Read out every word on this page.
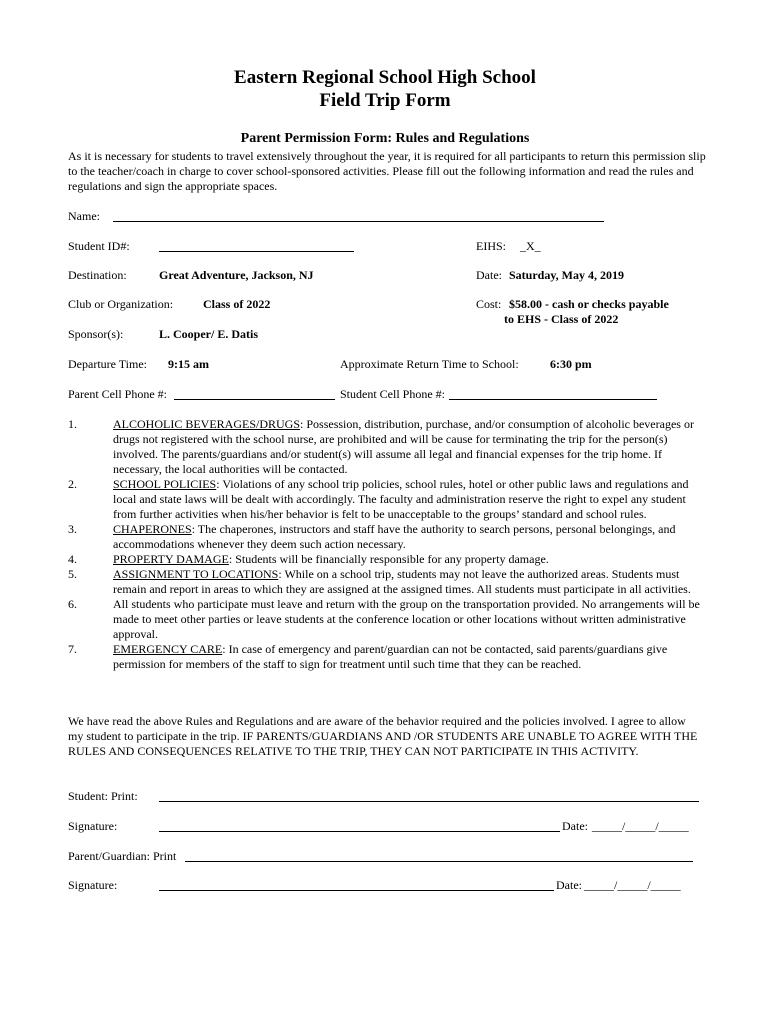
Eastern Regional School High School
Field Trip Form
Parent Permission Form: Rules and Regulations
As it is necessary for students to travel extensively throughout the year, it is required for all participants to return this permission slip to the teacher/coach in charge to cover school-sponsored activities. Please fill out the following information and read the rules and regulations and sign the appropriate spaces.
Name:
Student ID#:	EIHS: _X_
Destination:	Great Adventure, Jackson, NJ	Date: Saturday, May 4, 2019
Club or Organization: Class of 2022	Cost: $58.00 - cash or checks payable
to EHS - Class of 2022
Sponsor(s):	L. Cooper/ E. Datis
Departure Time: 9:15 am	Approximate Return Time to School:	6:30 pm
Parent Cell Phone #:	Student Cell Phone #:
1.	ALCOHOLIC BEVERAGES/DRUGS: Possession, distribution, purchase, and/or consumption of alcoholic beverages or drugs not registered with the school nurse, are prohibited and will be cause for terminating the trip for the person(s) involved. The parents/guardians and/or student(s) will assume all legal and financial expenses for the trip home. If necessary, the local authorities will be contacted.
2.	SCHOOL POLICIES: Violations of any school trip policies, school rules, hotel or other public laws and regulations and local and state laws will be dealt with accordingly. The faculty and administration reserve the right to expel any student from further activities when his/her behavior is felt to be unacceptable to the groups’ standard and school rules.
3.	CHAPERONES: The chaperones, instructors and staff have the authority to search persons, personal belongings, and accommodations whenever they deem such action necessary.
4.	PROPERTY DAMAGE: Students will be financially responsible for any property damage.
5.	ASSIGNMENT TO LOCATIONS: While on a school trip, students may not leave the authorized areas. Students must remain and report in areas to which they are assigned at the assigned times. All students must participate in all activities.
6.	All students who participate must leave and return with the group on the transportation provided. No arrangements will be made to meet other parties or leave students at the conference location or other locations without written administrative approval.
7.	EMERGENCY CARE: In case of emergency and parent/guardian can not be contacted, said parents/guardians give permission for members of the staff to sign for treatment until such time that they can be reached.
We have read the above Rules and Regulations and are aware of the behavior required and the policies involved. I agree to allow my student to participate in the trip. IF PARENTS/GUARDIANS AND /OR STUDENTS ARE UNABLE TO AGREE WITH THE RULES AND CONSEQUENCES RELATIVE TO THE TRIP, THEY CAN NOT PARTICIPATE IN THIS ACTIVITY.
Student: Print:
Signature:	Date: _____/_____/_____
Parent/Guardian: Print
Signature:	Date: _____/_____/_____
